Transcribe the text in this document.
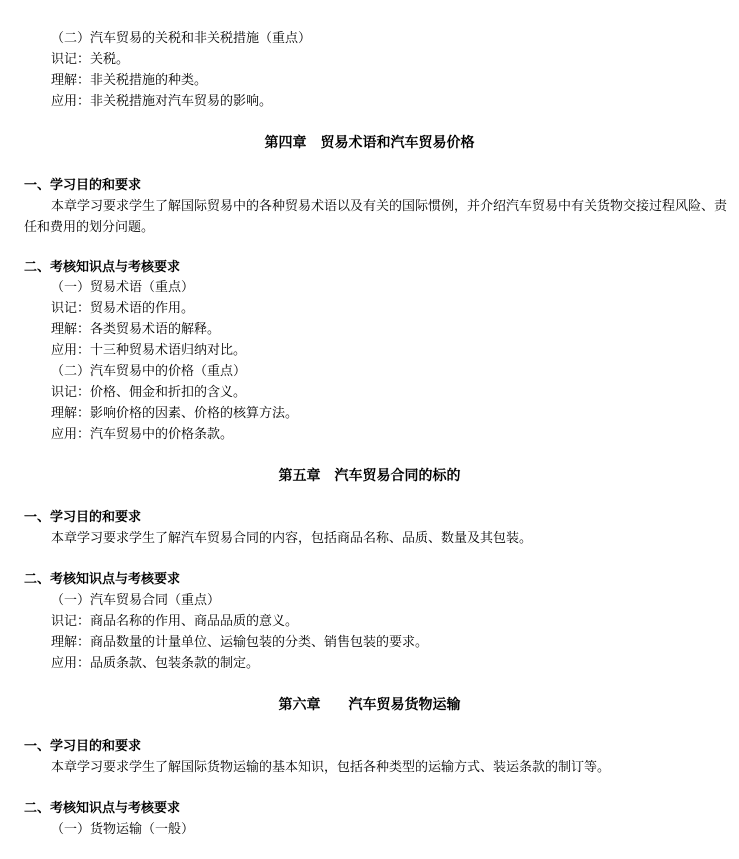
（二）汽车贸易的关税和非关税措施（重点）
识记：关税。
理解：非关税措施的种类。
应用：非关税措施对汽车贸易的影响。
第四章　贸易术语和汽车贸易价格
一、学习目的和要求
本章学习要求学生了解国际贸易中的各种贸易术语以及有关的国际惯例，并介绍汽车贸易中有关货物交接过程风险、责任和费用的划分问题。
二、考核知识点与考核要求
（一）贸易术语（重点）
识记：贸易术语的作用。
理解：各类贸易术语的解释。
应用：十三种贸易术语归纳对比。
（二）汽车贸易中的价格（重点）
识记：价格、佣金和折扣的含义。
理解：影响价格的因素、价格的核算方法。
应用：汽车贸易中的价格条款。
第五章　汽车贸易合同的标的
一、学习目的和要求
本章学习要求学生了解汽车贸易合同的内容，包括商品名称、品质、数量及其包装。
二、考核知识点与考核要求
（一）汽车贸易合同（重点）
识记：商品名称的作用、商品品质的意义。
理解：商品数量的计量单位、运输包装的分类、销售包装的要求。
应用：品质条款、包装条款的制定。
第六章　　汽车贸易货物运输
一、学习目的和要求
本章学习要求学生了解国际货物运输的基本知识，包括各种类型的运输方式、装运条款的制订等。
二、考核知识点与考核要求
（一）货物运输（一般）
